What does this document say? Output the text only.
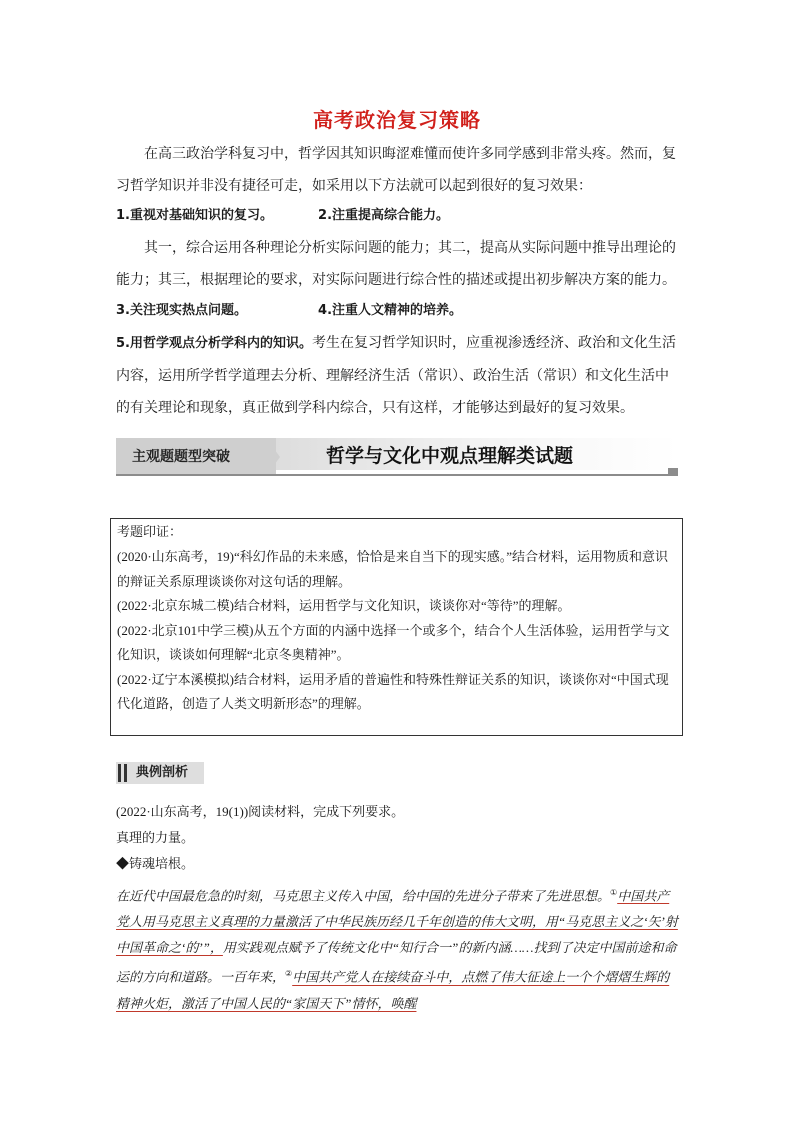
高考政治复习策略
在高三政治学科复习中，哲学因其知识晦涩难懂而使许多同学感到非常头疼。然而，复习哲学知识并非没有捷径可走，如采用以下方法就可以起到很好的复习效果：
1.重视对基础知识的复习。	2.注重提高综合能力。
其一，综合运用各种理论分析实际问题的能力；其二，提高从实际问题中推导出理论的能力；其三，根据理论的要求，对实际问题进行综合性的描述或提出初步解决方案的能力。
3.关注现实热点问题。	4.注重人文精神的培养。
5.用哲学观点分析学科内的知识。考生在复习哲学知识时，应重视渗透经济、政治和文化生活内容，运用所学哲学道理去分析、理解经济生活（常识）、政治生活（常识）和文化生活中的有关理论和现象，真正做到学科内综合，只有这样，才能够达到最好的复习效果。
主观题题型突破	哲学与文化中观点理解类试题
考题印证：
(2020·山东高考，19)“科幻作品的未来感，恰恰是来自当下的现实感。”结合材料，运用物质和意识的辩证关系原理谈谈你对这句话的理解。
(2022·北京东城二模)结合材料，运用哲学与文化知识，谈谈你对“等待”的理解。
(2022·北京101中学三模)从五个方面的内涵中选择一个或多个，结合个人生活体验，运用哲学与文化知识，谈谈如何理解“北京冬奥精神”。
(2022·辽宁本溪模拟)结合材料，运用矛盾的普遍性和特殊性辩证关系的知识，谈谈你对“中国式现代化道路，创造了人类文明新形态”的理解。
典例剖析
(2022·山东高考，19(1))阅读材料，完成下列要求。
真理的力量。
◆铸魂培根。
在近代中国最危急的时刻，马克思主义传入中国，给中国的先进分子带来了先进思想。①中国共产党人用马克思主义真理的力量激活了中华民族历经几千年创造的伟大文明，用“马克思主义之‘矢’射中国革命之‘的’”，用实践观点赋予了传统文化中“知行合一”的新内涵……找到了决定中国前途和命运的方向和道路。一百年来，②中国共产党人在接续奋斗中，点燃了伟大征途上一个个熠熠生辉的精神火炬，激活了中国人民的“家国天下”情怀，唤醒
